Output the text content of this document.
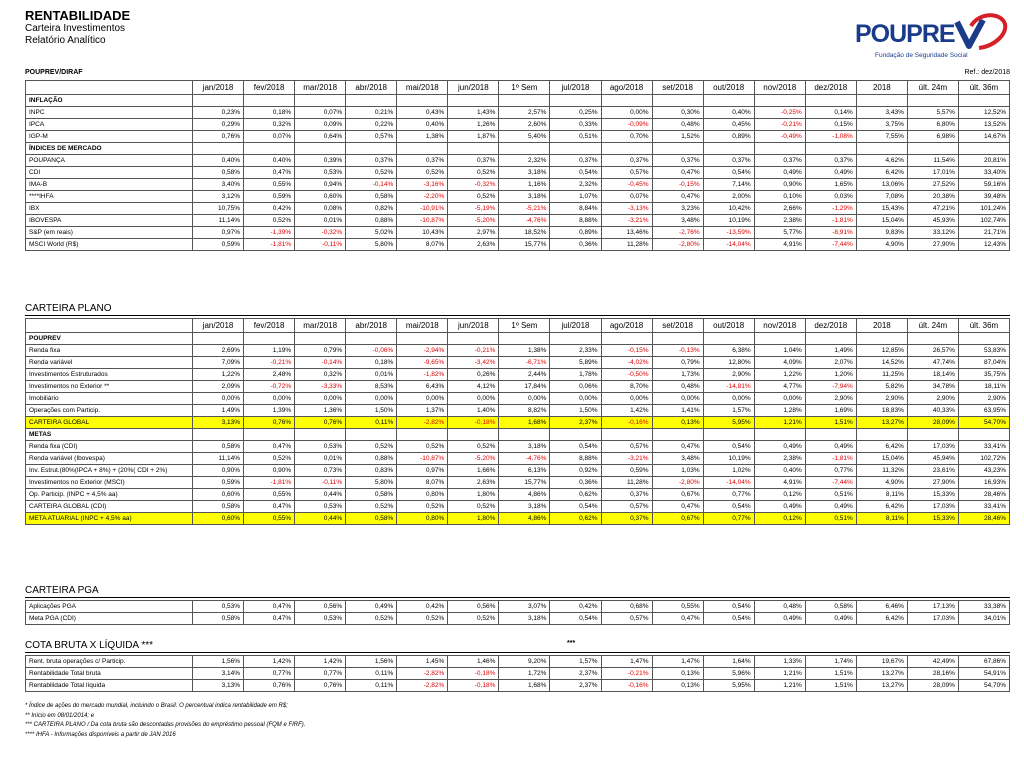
RENTABILIDADE
Carteira Investimentos
Relatório Analítico	POUPRE
Fundação de Seguridade Social
POUPREV/DIRAF	Ref.: dez/2018
	jan/2018	fev/2018	mar/2018	abr/2018	mai/2018	jun/2018	1º Sem	jul/2018	ago/2018	set/2018	out/2018	nov/2018	dez/2018	2018	últ. 24m	últ. 36m
INFLAÇÃO																
INPC	0,23%	0,18%	0,07%	0,21%	0,43%	1,43%	2,57%	0,25%	0,00%	0,30%	0,40%	-0,25%	0,14%	3,43%	5,57%	12,52%
IPCA	0,29%	0,32%	0,09%	0,22%	0,40%	1,26%	2,60%	0,33%	-0,09%	0,48%	0,45%	-0,21%	0,15%	3,75%	6,80%	13,52%
IGP-M	0,76%	0,07%	0,64%	0,57%	1,38%	1,87%	5,40%	0,51%	0,70%	1,52%	0,89%	-0,49%	-1,08%	7,55%	6,98%	14,67%
ÍNDICES DE MERCADO																
POUPANÇA	0,40%	0,40%	0,39%	0,37%	0,37%	0,37%	2,32%	0,37%	0,37%	0,37%	0,37%	0,37%	0,37%	4,62%	11,54%	20,81%
CDI	0,58%	0,47%	0,53%	0,52%	0,52%	0,52%	3,18%	0,54%	0,57%	0,47%	0,54%	0,49%	0,49%	6,42%	17,01%	33,40%
IMA-B	3,40%	0,55%	0,94%	-0,14%	-3,16%	-0,32%	1,16%	2,32%	-0,45%	-0,15%	7,14%	0,90%	1,65%	13,06%	27,52%	59,16%
****IHFA	3,12%	0,59%	0,60%	0,58%	-2,20%	0,52%	3,18%	1,07%	0,07%	0,47%	2,00%	0,10%	0,03%	7,08%	20,38%	39,48%
IBX	10,75%	0,42%	0,08%	0,82%	-10,91%	-5,19%	-5,21%	8,84%	-3,13%	3,23%	10,42%	2,66%	-1,29%	15,43%	47,21%	101,24%
IBOVESPA	11,14%	0,52%	0,01%	0,88%	-10,87%	-5,20%	-4,76%	8,88%	-3,21%	3,48%	10,19%	2,38%	-1,81%	15,04%	45,93%	102,74%
S&P (em reais)	0,97%	-1,39%	-0,32%	5,02%	10,43%	2,97%	18,52%	0,89%	13,46%	-2,76%	-13,59%	5,77%	-8,91%	9,83%	33,12%	21,71%
MSCI World (R$)	0,59%	-1,81%	-0,11%	5,80%	8,07%	2,63%	15,77%	0,36%	11,28%	-2,80%	-14,04%	4,91%	-7,44%	4,90%	27,90%	12,43%
CARTEIRA PLANO
	jan/2018	fev/2018	mar/2018	abr/2018	mai/2018	jun/2018	1º Sem	jul/2018	ago/2018	set/2018	out/2018	nov/2018	dez/2018	2018	últ. 24m	últ. 36m
POUPREV																
Renda fixa	2,69%	1,19%	0,79%	-0,06%	-2,94%	-0,21%	1,38%	2,33%	-0,15%	-0,13%	6,38%	1,04%	1,49%	12,85%	26,57%	53,83%
Renda variável	7,09%	-0,21%	-0,14%	0,18%	-9,65%	-3,42%	-6,71%	5,89%	-4,02%	0,79%	12,80%	4,09%	2,07%	14,52%	47,74%	87,04%
Investimentos Estruturados	1,22%	2,48%	0,32%	0,01%	-1,82%	0,26%	2,44%	1,78%	-0,50%	1,73%	2,90%	1,22%	1,20%	11,25%	18,14%	35,75%
Investimentos no Exterior **	2,09%	-0,72%	-3,33%	8,53%	6,43%	4,12%	17,84%	0,06%	8,70%	0,48%	-14,81%	4,77%	-7,94%	5,82%	34,78%	18,11%
Imobiliário	0,00%	0,00%	0,00%	0,00%	0,00%	0,00%	0,00%	0,00%	0,00%	0,00%	0,00%	0,00%	2,90%	2,90%	2,90%	2,90%
Operações com Particip.	1,49%	1,39%	1,36%	1,50%	1,37%	1,40%	8,82%	1,50%	1,42%	1,41%	1,57%	1,28%	1,69%	18,83%	40,33%	63,95%
CARTEIRA GLOBAL	3,13%	0,76%	0,76%	0,11%	-2,82%	-0,18%	1,68%	2,37%	-0,16%	0,13%	5,95%	1,21%	1,51%	13,27%	28,09%	54,70%
METAS																
Renda fixa (CDI)	0,58%	0,47%	0,53%	0,52%	0,52%	0,52%	3,18%	0,54%	0,57%	0,47%	0,54%	0,49%	0,49%	6,42%	17,03%	33,41%
Renda variável (Ibovespa)	11,14%	0,52%	0,01%	0,88%	-10,87%	-5,20%	-4,76%	8,88%	-3,21%	3,48%	10,19%	2,38%	-1,81%	15,04%	45,94%	102,72%
Inv. Estrut.(80%(IPCA + 8%) + (20%( CDI + 2%)	0,90%	0,90%	0,73%	0,83%	0,97%	1,66%	6,13%	0,92%	0,59%	1,03%	1,02%	0,40%	0,77%	11,32%	23,61%	43,23%
Investimentos no Exterior (MSCI)	0,59%	-1,81%	-0,11%	5,80%	8,07%	2,63%	15,77%	0,36%	11,28%	-2,80%	-14,04%	4,91%	-7,44%	4,90%	27,90%	16,93%
Op. Particip. (INPC + 4,5% aa)	0,60%	0,55%	0,44%	0,58%	0,80%	1,80%	4,86%	0,62%	0,37%	0,67%	0,77%	0,12%	0,51%	8,11%	15,33%	28,46%
CARTEIRA GLOBAL (CDI)	0,58%	0,47%	0,53%	0,52%	0,52%	0,52%	3,18%	0,54%	0,57%	0,47%	0,54%	0,49%	0,49%	6,42%	17,03%	33,41%
META ATUARIAL (INPC + 4,5% aa)	0,60%	0,55%	0,44%	0,58%	0,80%	1,80%	4,86%	0,62%	0,37%	0,67%	0,77%	0,12%	0,51%	8,11%	15,33%	28,46%
CARTEIRA PGA
Aplicações PGA	0,53%	0,47%	0,56%	0,49%	0,42%	0,56%	3,07%	0,42%	0,68%	0,55%	0,54%	0,48%	0,58%	6,46%	17,13%	33,38%
Meta PGA (CDI)	0,58%	0,47%	0,53%	0,52%	0,52%	0,52%	3,18%	0,54%	0,57%	0,47%	0,54%	0,49%	0,49%	6,42%	17,03%	34,01%
COTA BRUTA X LÍQUIDA ***	***
Rent. bruta operações c/ Particip.	1,56%	1,42%	1,42%	1,56%	1,45%	1,46%	9,20%	1,57%	1,47%	1,47%	1,64%	1,33%	1,74%	19,67%	42,49%	67,86%
Rentabilidade Total bruta	3,14%	0,77%	0,77%	0,11%	-2,82%	-0,18%	1,72%	2,37%	-0,21%	0,13%	5,96%	1,21%	1,51%	13,27%	28,16%	54,91%
Rentabilidade Total líquida	3,13%	0,76%	0,76%	0,11%	-2,82%	-0,18%	1,68%	2,37%	-0,16%	0,13%	5,95%	1,21%	1,51%	13,27%	28,09%	54,70%
* Índice de ações do mercado mundial, incluindo o Brasil. O percentual indica rentabilidade em R$;
** Início em 08/01/2014; e
*** CARTEIRA PLANO / Da cota bruta são descontadas provisões do empréstimo pessoal (FQM e FIRF).
**** IHFA - Informações disponíveis a partir de JAN 2016
